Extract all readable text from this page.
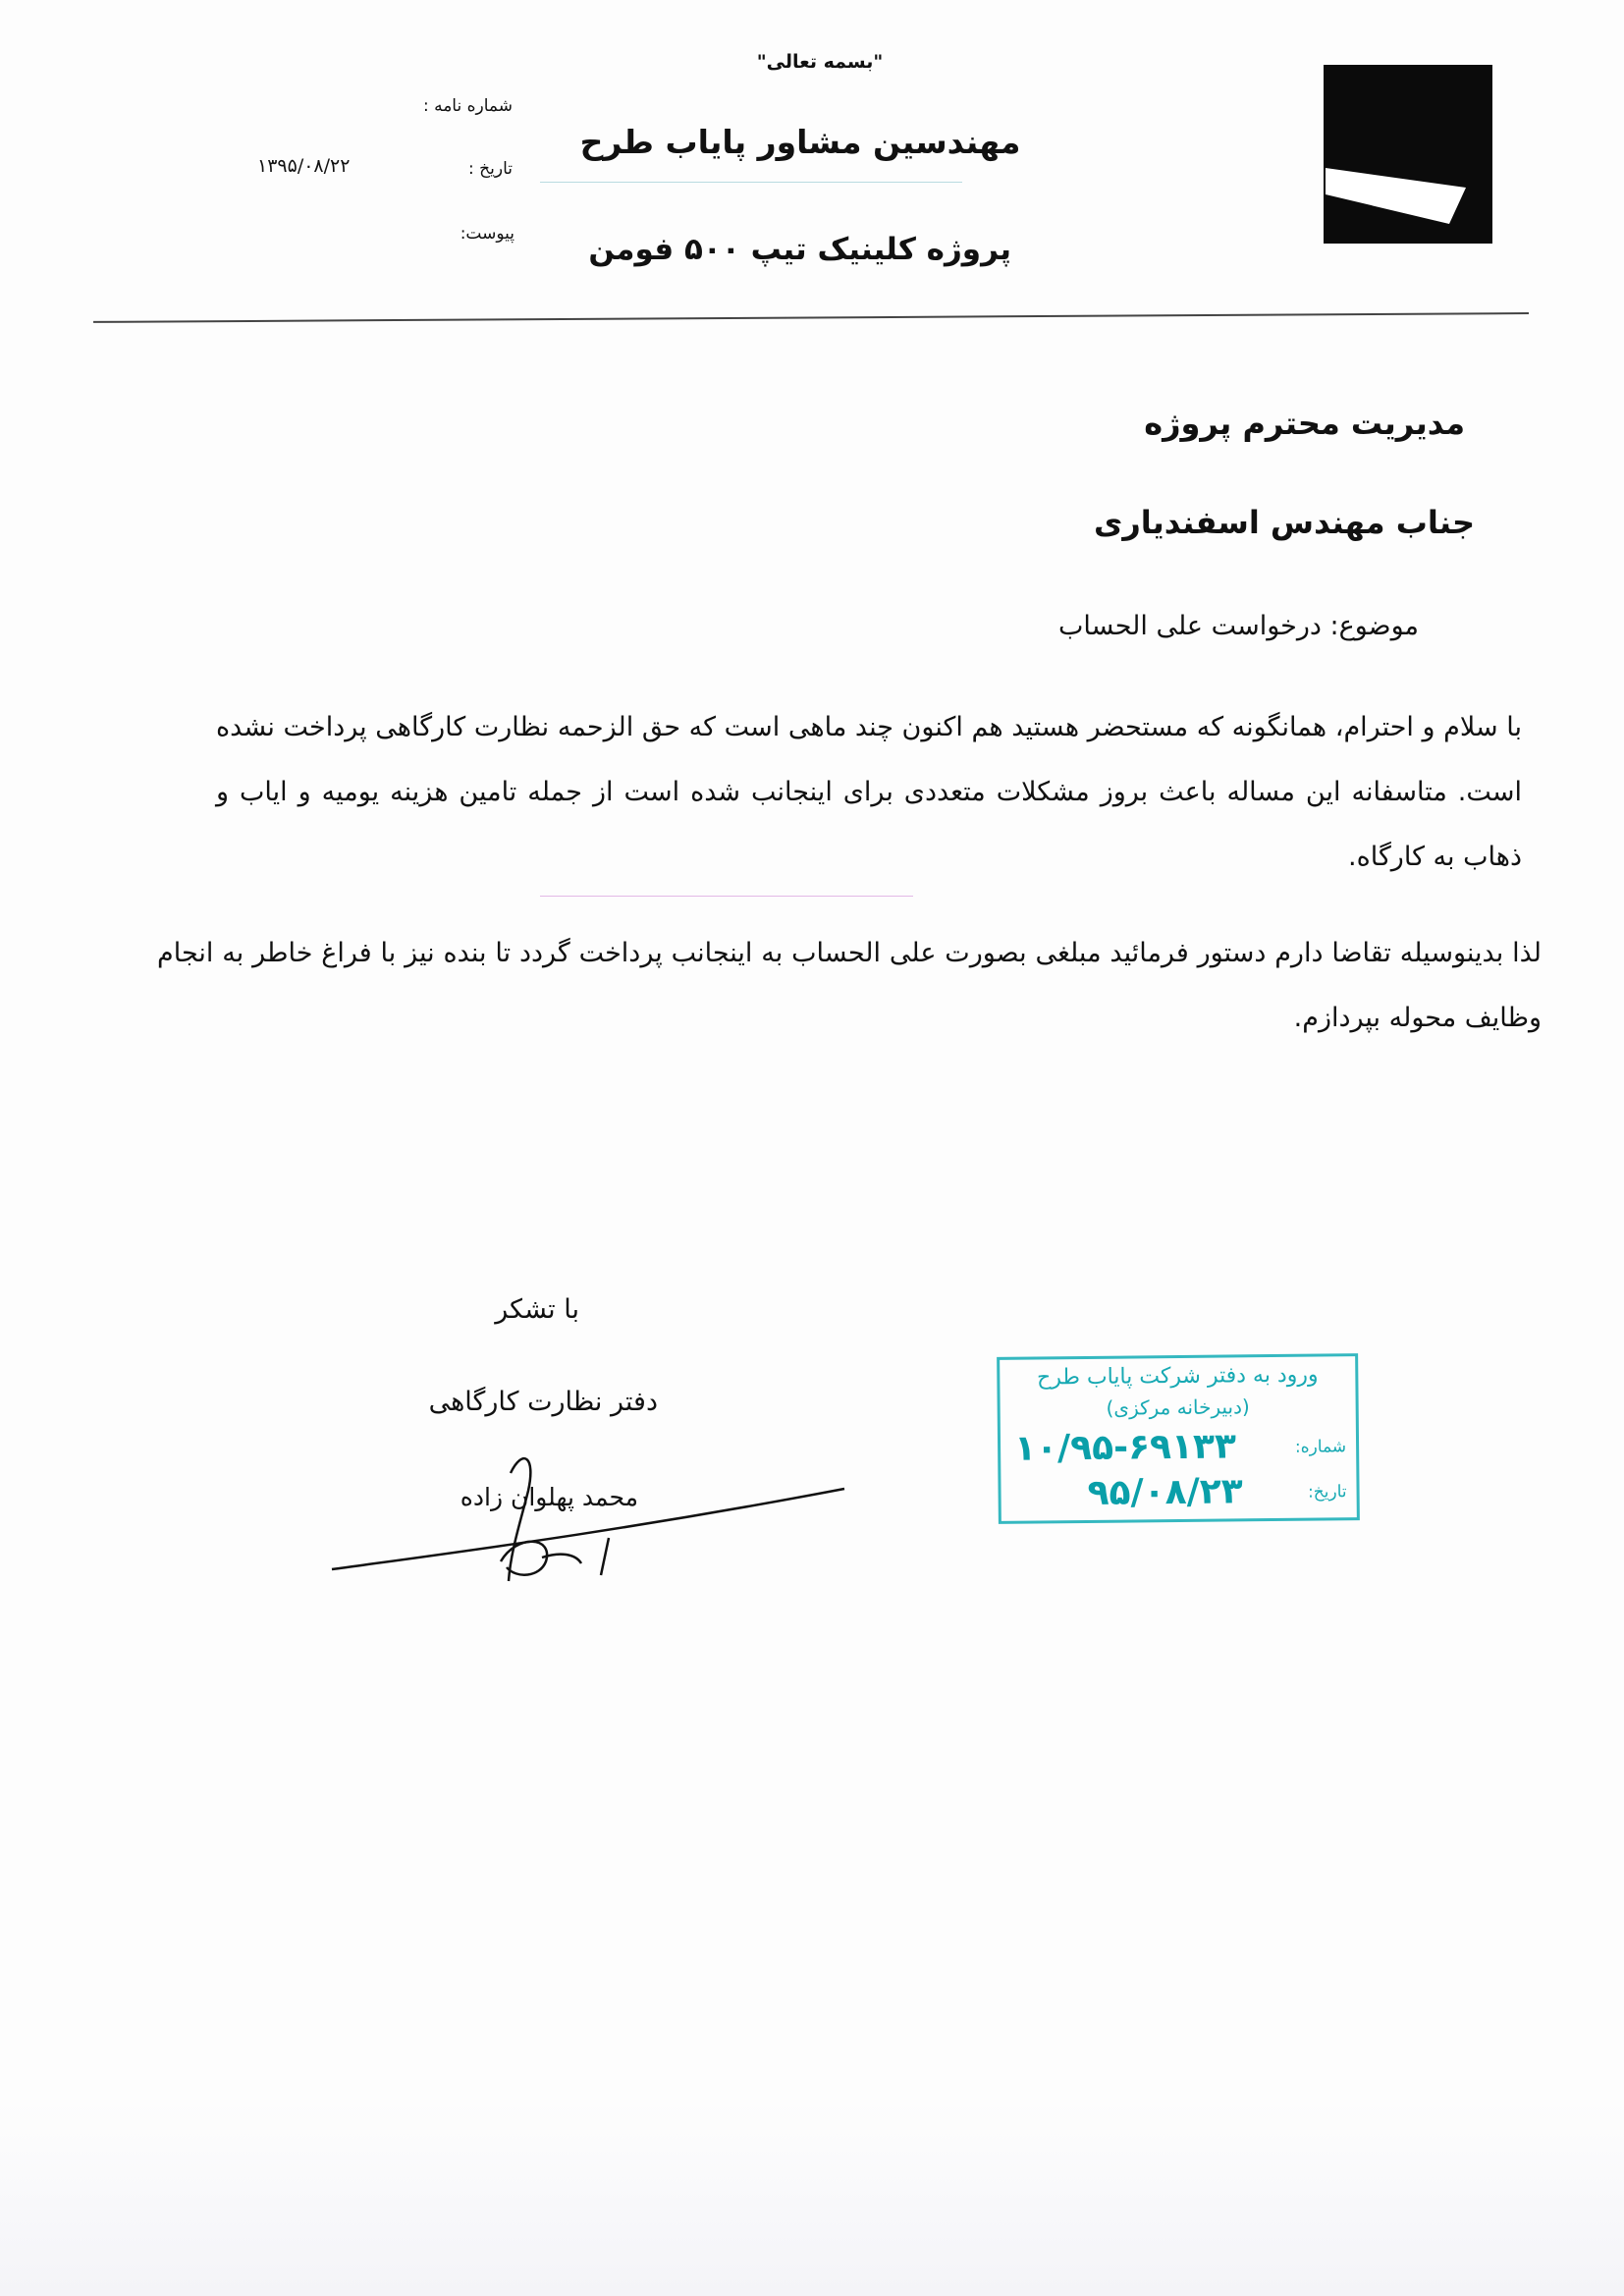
"بسمه تعالی"
مهندسین مشاور پایاب طرح
پروژه کلینیک تیپ ۵۰۰ فومن
شماره نامه :
تاریخ :
۱۳۹۵/۰۸/۲۲
پیوست:
مدیریت محترم پروژه
جناب مهندس اسفندیاری
موضوع: درخواست علی الحساب
با سلام و احترام، همانگونه که مستحضر هستید هم اکنون چند ماهی است که حق الزحمه نظارت کارگاهی پرداخت نشده است. متاسفانه این مساله باعث بروز مشکلات متعددی برای اینجانب شده است از جمله تامین هزینه یومیه و ایاب و ذهاب به کارگاه.
لذا بدینوسیله تقاضا دارم دستور فرمائید مبلغی بصورت علی الحساب به اینجانب پرداخت گردد تا بنده نیز با فراغ خاطر به انجام وظایف محوله بپردازم.
با تشکر
دفتر نظارت کارگاهی
محمد پهلوان زاده
ورود به دفتر شرکت پایاب طرح
(دبیرخانه مرکزی)
شماره:
۱۰/۹۵-۶۹۱۳۳
تاریخ:
۹۵/۰۸/۲۳
